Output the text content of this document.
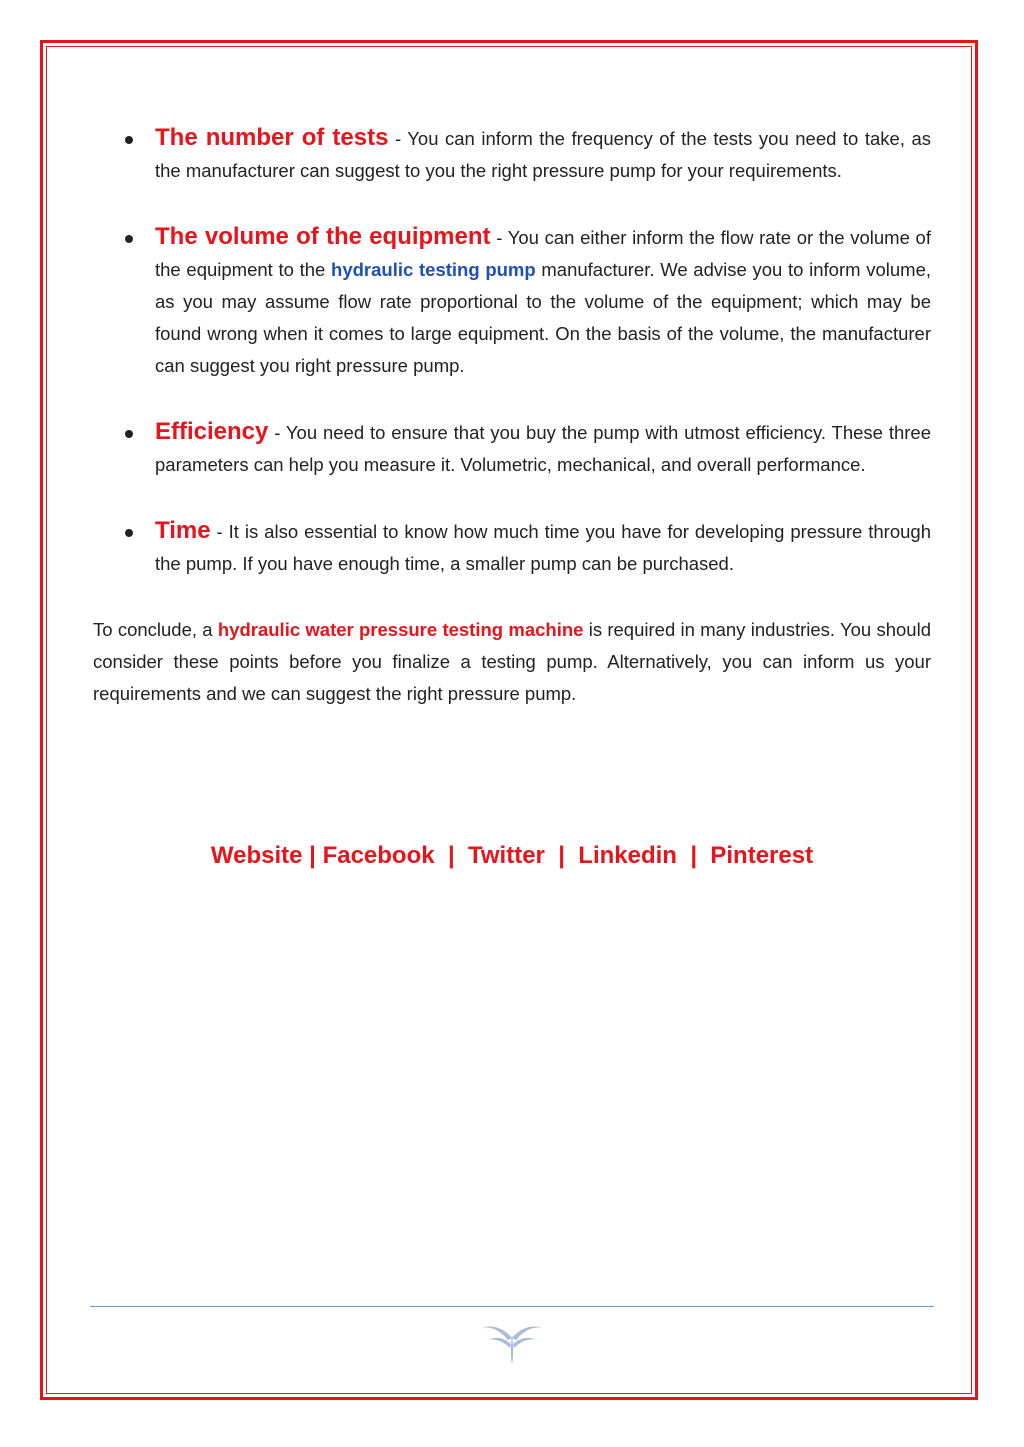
The number of tests - You can inform the frequency of the tests you need to take, as the manufacturer can suggest to you the right pressure pump for your requirements.
The volume of the equipment - You can either inform the flow rate or the volume of the equipment to the hydraulic testing pump manufacturer. We advise you to inform volume, as you may assume flow rate proportional to the volume of the equipment; which may be found wrong when it comes to large equipment. On the basis of the volume, the manufacturer can suggest you right pressure pump.
Efficiency - You need to ensure that you buy the pump with utmost efficiency. These three parameters can help you measure it. Volumetric, mechanical, and overall performance.
Time - It is also essential to know how much time you have for developing pressure through the pump. If you have enough time, a smaller pump can be purchased.
To conclude, a hydraulic water pressure testing machine is required in many industries. You should consider these points before you finalize a testing pump. Alternatively, you can inform us your requirements and we can suggest the right pressure pump.
Website | Facebook | Twitter | Linkedin | Pinterest
